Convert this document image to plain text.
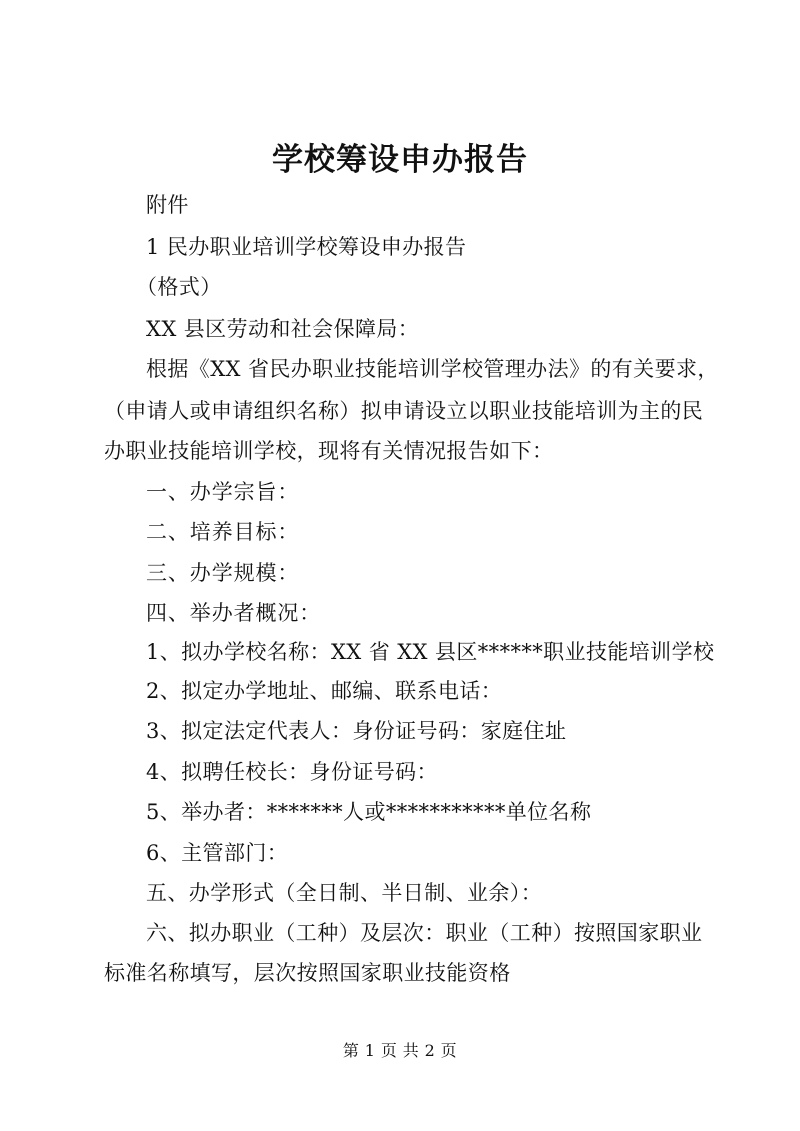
学校筹设申办报告
附件
1 民办职业培训学校筹设申办报告
（格式）
XX 县区劳动和社会保障局：
根据《XX 省民办职业技能培训学校管理办法》的有关要求，
（申请人或申请组织名称）拟申请设立以职业技能培训为主的民
办职业技能培训学校，现将有关情况报告如下：
一、办学宗旨：
二、培养目标：
三、办学规模：
四、举办者概况：
1、拟办学校名称：XX 省 XX 县区******职业技能培训学校
2、拟定办学地址、邮编、联系电话：
3、拟定法定代表人：身份证号码：家庭住址
4、拟聘任校长：身份证号码：
5、举办者：*******人或***********单位名称
6、主管部门：
五、办学形式（全日制、半日制、业余）：
六、拟办职业（工种）及层次：职业（工种）按照国家职业
标准名称填写，层次按照国家职业技能资格
第 1 页 共 2 页
